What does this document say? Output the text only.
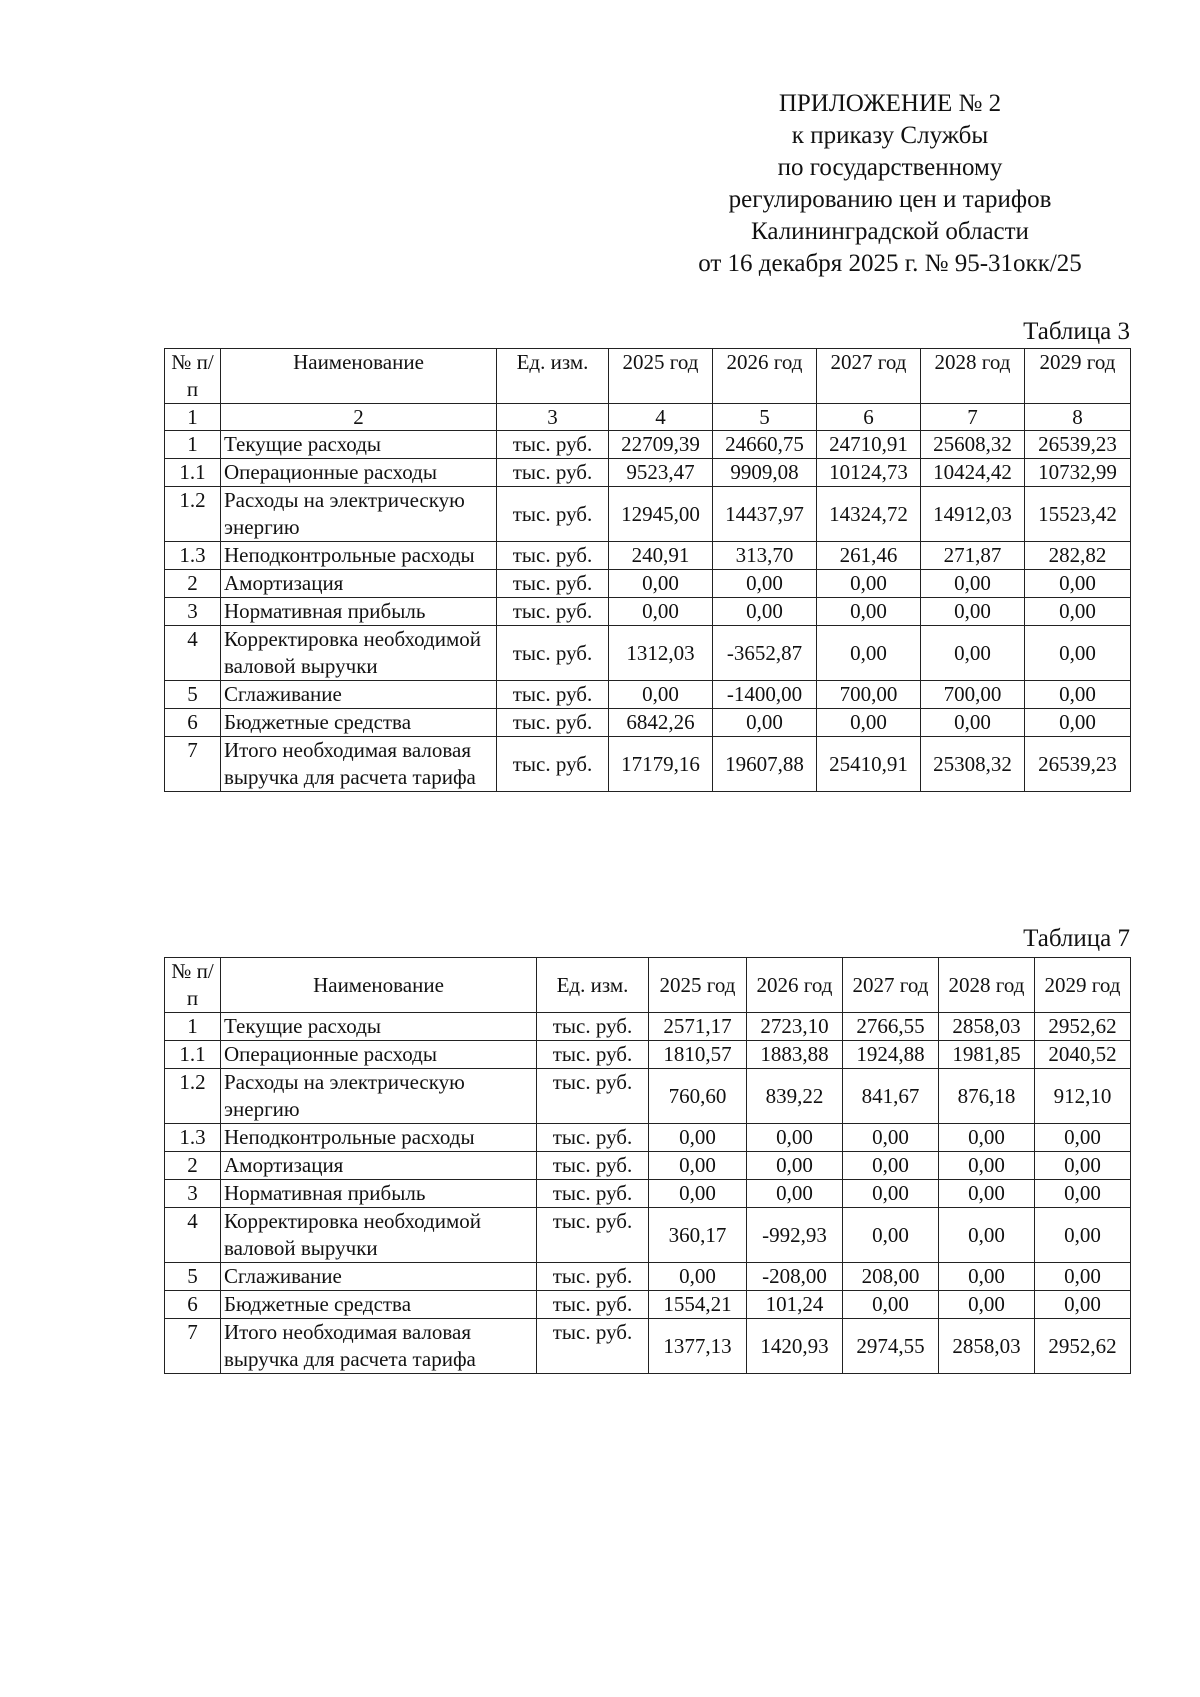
ПРИЛОЖЕНИЕ № 2
к приказу Службы
по государственному
регулированию цен и тарифов
Калининградской области
от 16 декабря 2025 г. № 95-31окк/25
Таблица 3
№ п/п	Наименование	Ед. изм.	2025 год	2026 год	2027 год	2028 год	2029 год
1	2	3	4	5	6	7	8
1	Текущие расходы	тыс. руб.	22709,39	24660,75	24710,91	25608,32	26539,23
1.1	Операционные расходы	тыс. руб.	9523,47	9909,08	10124,73	10424,42	10732,99
1.2	Расходы на электрическую энергию	тыс. руб.	12945,00	14437,97	14324,72	14912,03	15523,42
1.3	Неподконтрольные расходы	тыс. руб.	240,91	313,70	261,46	271,87	282,82
2	Амортизация	тыс. руб.	0,00	0,00	0,00	0,00	0,00
3	Нормативная прибыль	тыс. руб.	0,00	0,00	0,00	0,00	0,00
4	Корректировка необходимой валовой выручки	тыс. руб.	1312,03	-3652,87	0,00	0,00	0,00
5	Сглаживание	тыс. руб.	0,00	-1400,00	700,00	700,00	0,00
6	Бюджетные средства	тыс. руб.	6842,26	0,00	0,00	0,00	0,00
7	Итого необходимая валовая выручка для расчета тарифа	тыс. руб.	17179,16	19607,88	25410,91	25308,32	26539,23
Таблица 7
№ п/п	Наименование	Ед. изм.	2025 год	2026 год	2027 год	2028 год	2029 год
1	Текущие расходы	тыс. руб.	2571,17	2723,10	2766,55	2858,03	2952,62
1.1	Операционные расходы	тыс. руб.	1810,57	1883,88	1924,88	1981,85	2040,52
1.2	Расходы на электрическую энергию	тыс. руб.	760,60	839,22	841,67	876,18	912,10
1.3	Неподконтрольные расходы	тыс. руб.	0,00	0,00	0,00	0,00	0,00
2	Амортизация	тыс. руб.	0,00	0,00	0,00	0,00	0,00
3	Нормативная прибыль	тыс. руб.	0,00	0,00	0,00	0,00	0,00
4	Корректировка необходимой валовой выручки	тыс. руб.	360,17	-992,93	0,00	0,00	0,00
5	Сглаживание	тыс. руб.	0,00	-208,00	208,00	0,00	0,00
6	Бюджетные средства	тыс. руб.	1554,21	101,24	0,00	0,00	0,00
7	Итого необходимая валовая выручка для расчета тарифа	тыс. руб.	1377,13	1420,93	2974,55	2858,03	2952,62
